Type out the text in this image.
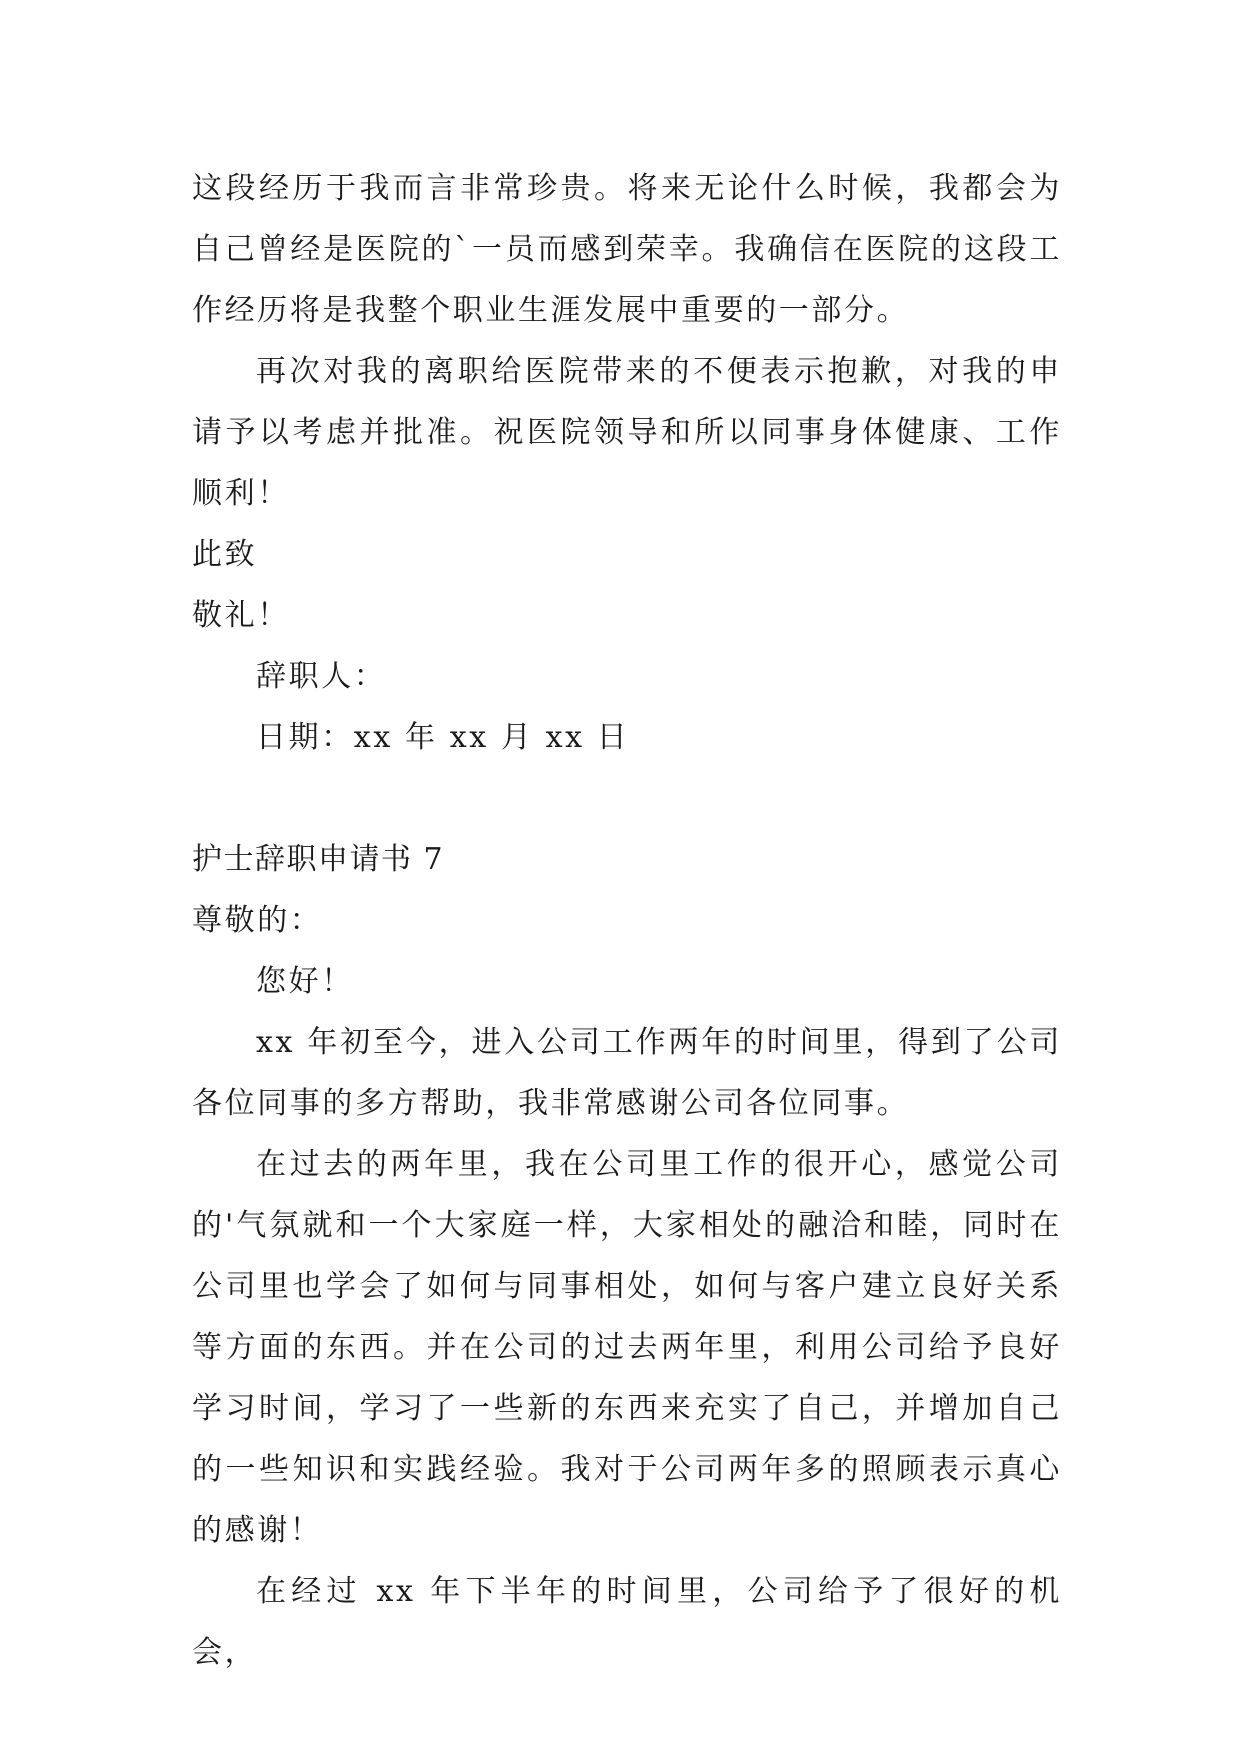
这段经历于我而言非常珍贵。将来无论什么时候，我都会为自己曾经是医院的`一员而感到荣幸。我确信在医院的这段工作经历将是我整个职业生涯发展中重要的一部分。

再次对我的离职给医院带来的不便表示抱歉，对我的申请予以考虑并批准。祝医院领导和所以同事身体健康、工作顺利！

此致

敬礼！

辞职人：

日期：xx 年 xx 月 xx 日

护士辞职申请书 7

尊敬的：

您好！

xx 年初至今，进入公司工作两年的时间里，得到了公司各位同事的多方帮助，我非常感谢公司各位同事。

在过去的两年里，我在公司里工作的很开心，感觉公司的'气氛就和一个大家庭一样，大家相处的融洽和睦，同时在公司里也学会了如何与同事相处，如何与客户建立良好关系等方面的东西。并在公司的过去两年里，利用公司给予良好学习时间，学习了一些新的东西来充实了自己，并增加自己的一些知识和实践经验。我对于公司两年多的照顾表示真心的感谢！

在经过 xx 年下半年的时间里，公司给予了很好的机会，
